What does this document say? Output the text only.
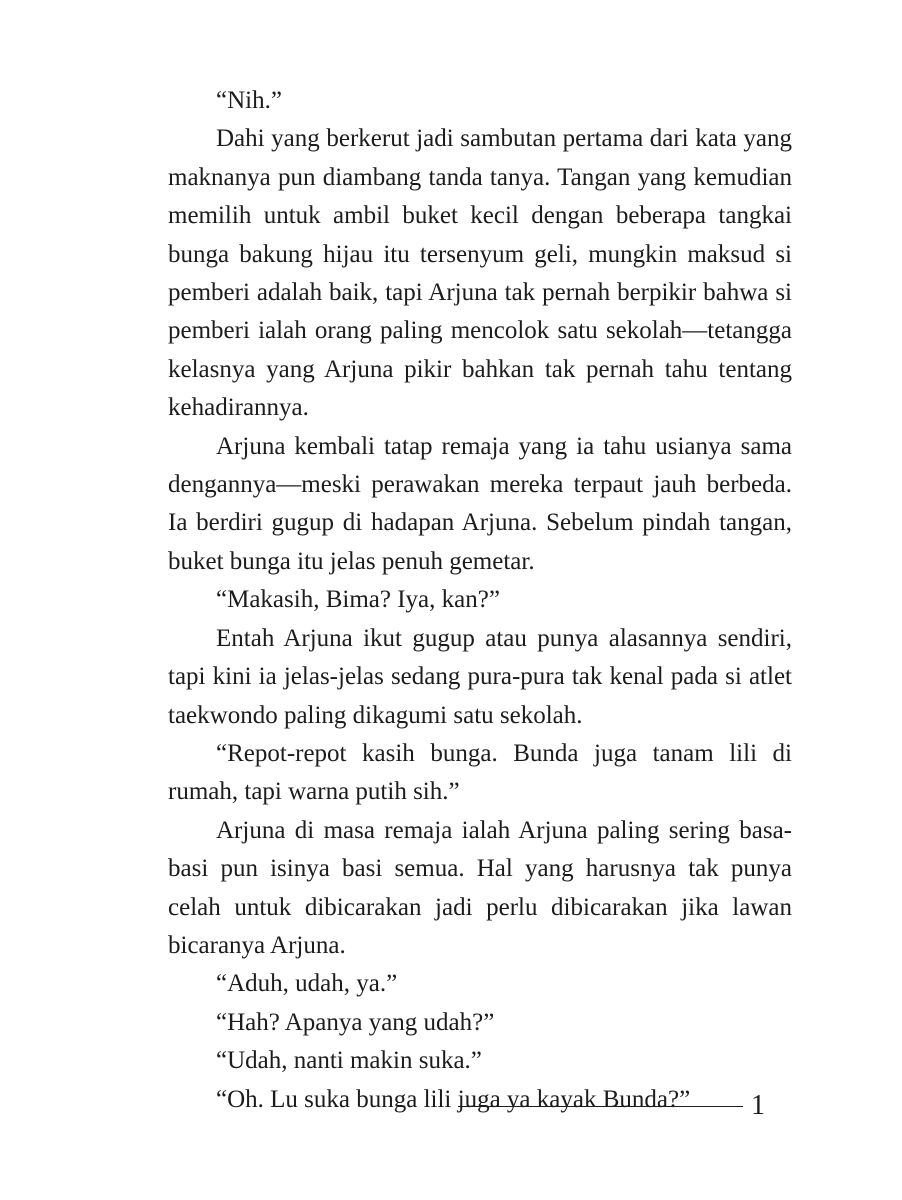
“Nih.”

Dahi yang berkerut jadi sambutan pertama dari kata yang maknanya pun diambang tanda tanya. Tangan yang kemudian memilih untuk ambil buket kecil dengan beberapa tangkai bunga bakung hijau itu tersenyum geli, mungkin maksud si pemberi adalah baik, tapi Arjuna tak pernah berpikir bahwa si pemberi ialah orang paling mencolok satu sekolah—tetangga kelasnya yang Arjuna pikir bahkan tak pernah tahu tentang kehadirannya.

Arjuna kembali tatap remaja yang ia tahu usianya sama dengannya—meski perawakan mereka terpaut jauh berbeda. Ia berdiri gugup di hadapan Arjuna. Sebelum pindah tangan, buket bunga itu jelas penuh gemetar.

“Makasih, Bima? Iya, kan?”

Entah Arjuna ikut gugup atau punya alasannya sendiri, tapi kini ia jelas-jelas sedang pura-pura tak kenal pada si atlet taekwondo paling dikagumi satu sekolah.

“Repot-repot kasih bunga. Bunda juga tanam lili di rumah, tapi warna putih sih.”

Arjuna di masa remaja ialah Arjuna paling sering basa-basi pun isinya basi semua. Hal yang harusnya tak punya celah untuk dibicarakan jadi perlu dibicarakan jika lawan bicaranya Arjuna.

“Aduh, udah, ya.”

“Hah? Apanya yang udah?”

“Udah, nanti makin suka.”

“Oh. Lu suka bunga lili juga ya kayak Bunda?”	1
